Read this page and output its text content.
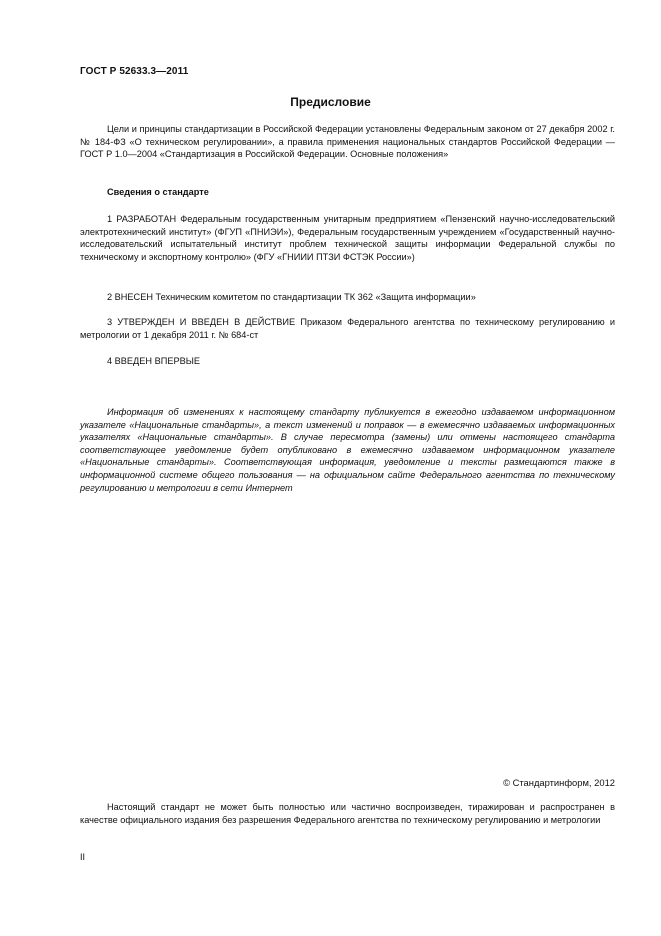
ГОСТ Р 52633.3—2011
Предисловие

Цели и принципы стандартизации в Российской Федерации установлены Федеральным законом от 27 декабря 2002 г. № 184-ФЗ «О техническом регулировании», а правила применения национальных стандартов Российской Федерации — ГОСТ Р 1.0—2004 «Стандартизация в Российской Федерации. Основные положения»

Сведения о стандарте

1 РАЗРАБОТАН Федеральным государственным унитарным предприятием «Пензенский научно-исследовательский электротехнический институт» (ФГУП «ПНИЭИ»), Федеральным государственным учреждением «Государственный научно-исследовательский испытательный институт проблем технической защиты информации Федеральной службы по техническому и экспортному контролю» (ФГУ «ГНИИИ ПТЗИ ФСТЭК России»)

2 ВНЕСЕН Техническим комитетом по стандартизации ТК 362 «Защита информации»

3 УТВЕРЖДЕН И ВВЕДЕН В ДЕЙСТВИЕ Приказом Федерального агентства по техническому регулированию и метрологии от 1 декабря 2011 г. № 684-ст

4 ВВЕДЕН ВПЕРВЫЕ

Информация об изменениях к настоящему стандарту публикуется в ежегодно издаваемом информационном указателе «Национальные стандарты», а текст изменений и поправок — в ежемесячно издаваемых информационных указателях «Национальные стандарты». В случае пересмотра (замены) или отмены настоящего стандарта соответствующее уведомление будет опубликовано в ежемесячно издаваемом информационном указателе «Национальные стандарты». Соответствующая информация, уведомление и тексты размещаются также в информационной системе общего пользования — на официальном сайте Федерального агентства по техническому регулированию и метрологии в сети Интернет

© Стандартинформ, 2012

Настоящий стандарт не может быть полностью или частично воспроизведен, тиражирован и распространен в качестве официального издания без разрешения Федерального агентства по техническому регулированию и метрологии

II
